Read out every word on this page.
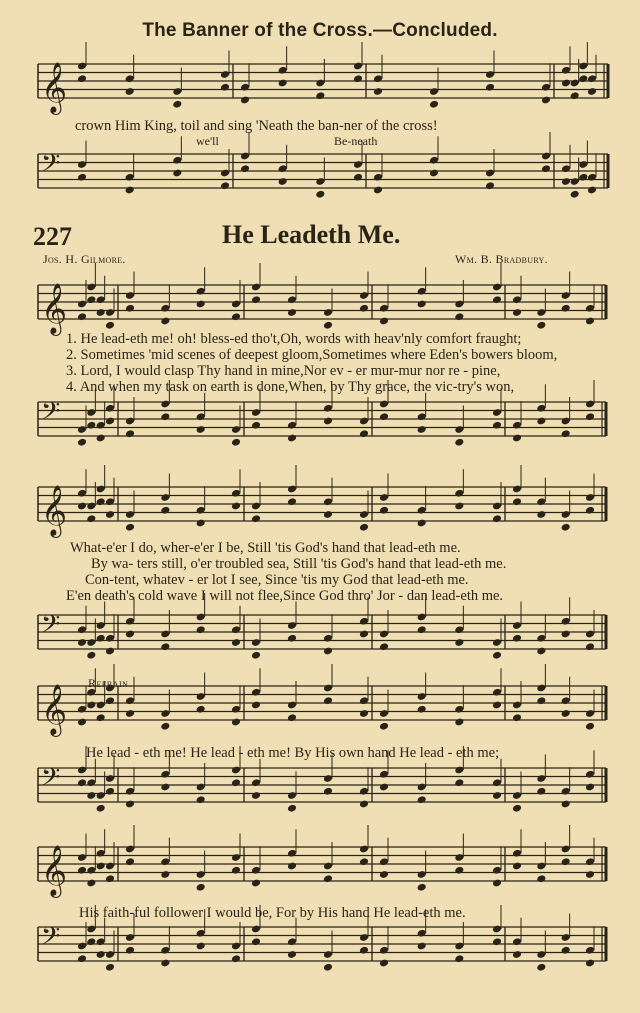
The Banner of the Cross.—Concluded.
227	He Leadeth Me.
Jos. H. Gilmore.	Wm. B. Bradbury.
𝄞
𝄢
𝄞
𝄢
𝄞
𝄢
𝄞
𝄢
𝄞
𝄢
crown Him King, toil and sing 'Neath the ban-ner of the cross!
we'll	Be-neath
1. He lead-eth me! oh! bless-ed tho't,Oh, words with heav'nly comfort fraught;
2. Sometimes 'mid scenes of deepest gloom,Sometimes where Eden's bowers bloom,
3. Lord, I would clasp Thy hand in mine,Nor ev - er mur-mur nor re - pine,
4. And when my task on earth is done,When, by Thy grace, the vic-try's won,
What-e'er I do, wher-e'er I be, Still 'tis God's hand that lead-eth me.
By wa- ters still, o'er troubled sea, Still 'tis God's hand that lead-eth me.
Con-tent, whatev - er lot I see, Since 'tis my God that lead-eth me.
E'en death's cold wave I will not flee,Since God thro' Jor - dan lead-eth me.
Refrain.
He lead - eth me! He lead - eth me! By His own hand He lead - eth me;
His faith-ful follower I would be, For by His hand He lead-eth me.
